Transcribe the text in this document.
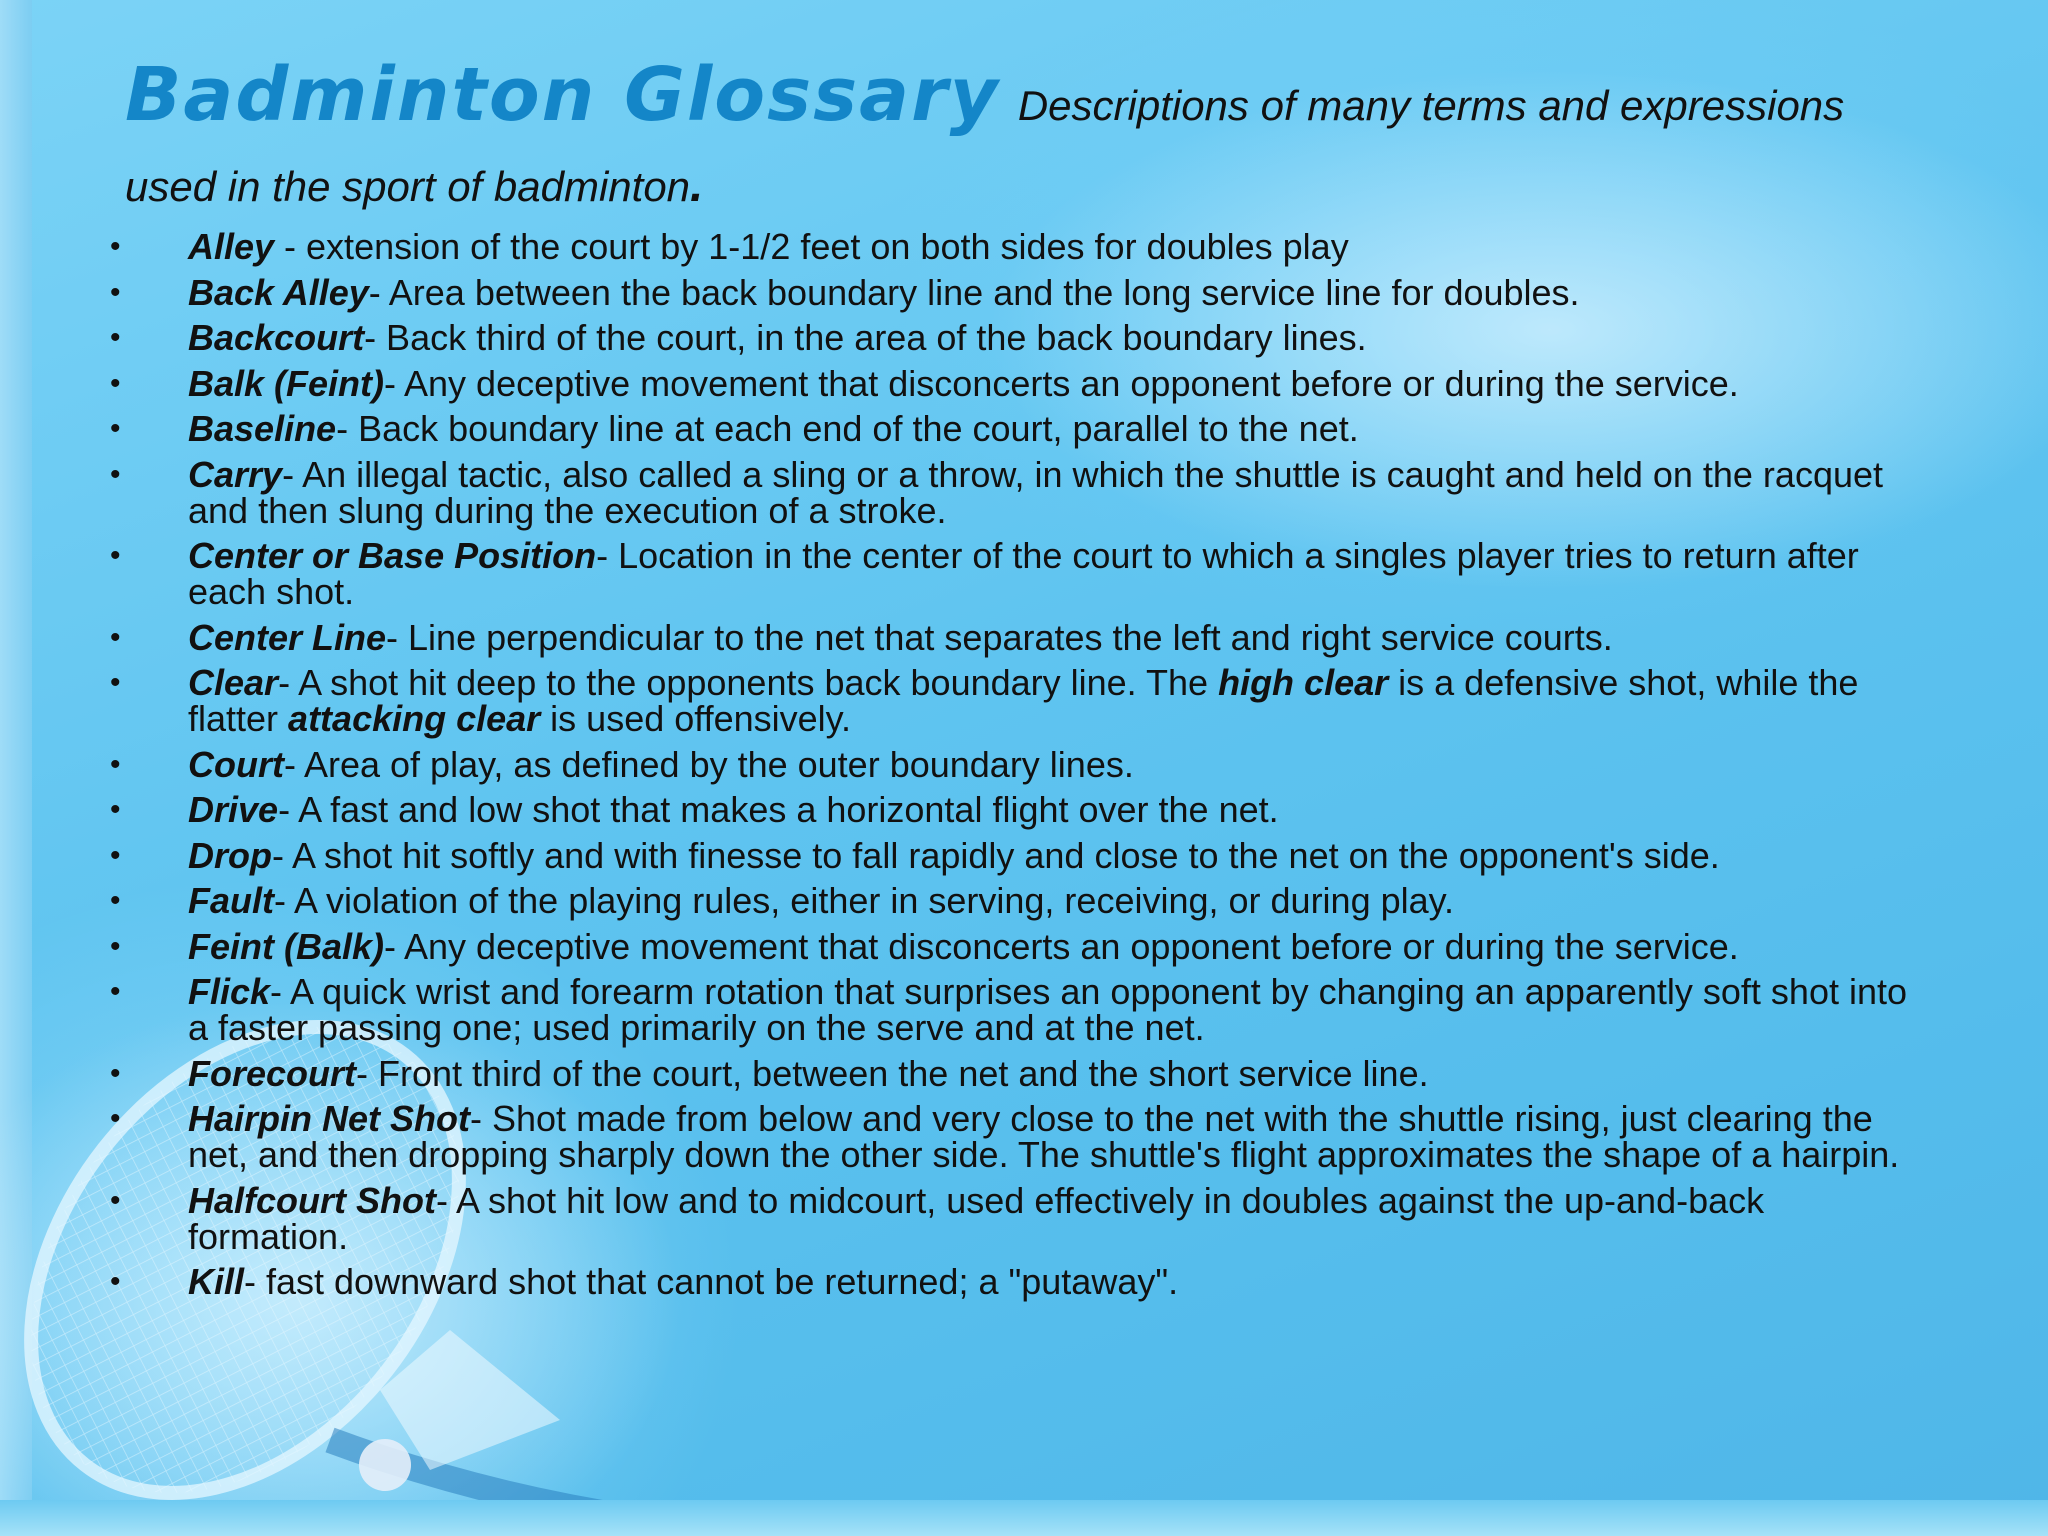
Badminton Glossary Descriptions of many terms and expressions
used in the sport of badminton.
• Alley - extension of the court by 1-1/2 feet on both sides for doubles play
• Back Alley- Area between the back boundary line and the long service line for doubles.
• Backcourt- Back third of the court, in the area of the back boundary lines.
• Balk (Feint)- Any deceptive movement that disconcerts an opponent before or during the service.
• Baseline- Back boundary line at each end of the court, parallel to the net.
• Carry- An illegal tactic, also called a sling or a throw, in which the shuttle is caught and held on the racquet and then slung during the execution of a stroke.
• Center or Base Position- Location in the center of the court to which a singles player tries to return after each shot.
• Center Line- Line perpendicular to the net that separates the left and right service courts.
• Clear- A shot hit deep to the opponents back boundary line. The high clear is a defensive shot, while the flatter attacking clear is used offensively.
• Court- Area of play, as defined by the outer boundary lines.
• Drive- A fast and low shot that makes a horizontal flight over the net.
• Drop- A shot hit softly and with finesse to fall rapidly and close to the net on the opponent's side.
• Fault- A violation of the playing rules, either in serving, receiving, or during play.
• Feint (Balk)- Any deceptive movement that disconcerts an opponent before or during the service.
• Flick- A quick wrist and forearm rotation that surprises an opponent by changing an apparently soft shot into a faster passing one; used primarily on the serve and at the net.
• Forecourt- Front third of the court, between the net and the short service line.
• Hairpin Net Shot- Shot made from below and very close to the net with the shuttle rising, just clearing the net, and then dropping sharply down the other side. The shuttle's flight approximates the shape of a hairpin.
• Halfcourt Shot- A shot hit low and to midcourt, used effectively in doubles against the up-and-back formation.
• Kill- fast downward shot that cannot be returned; a "putaway".
